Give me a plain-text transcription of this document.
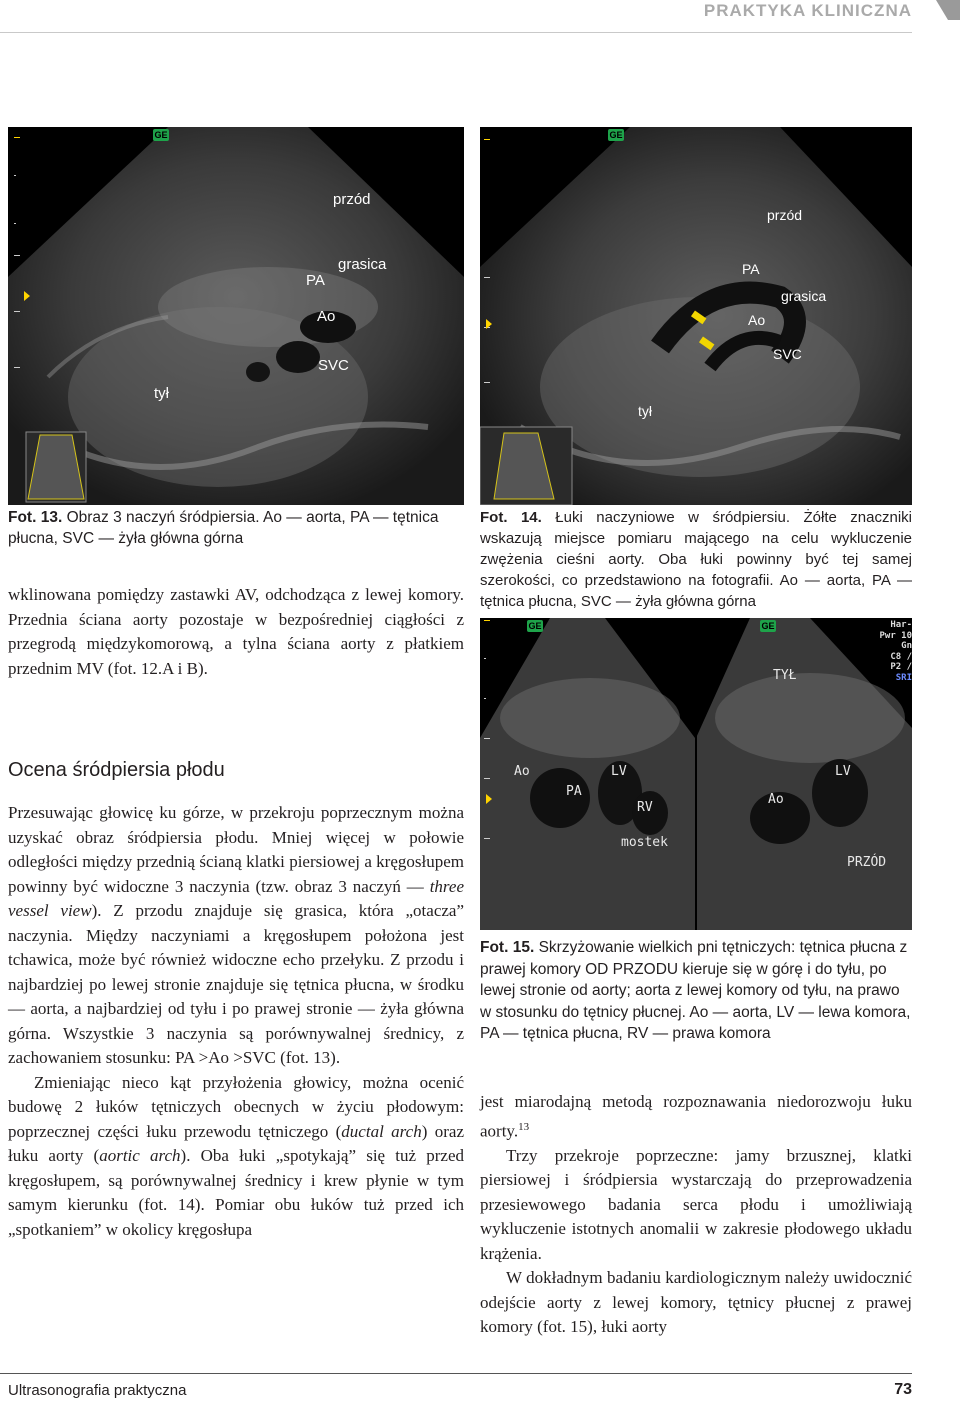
PRAKTYKA KLINICZNA
GE
przód
grasica
PA
Ao
SVC
tył
Fot. 13. Obraz 3 naczyń śródpiersia. Ao — aorta, PA — tętnica płucna, SVC — żyła główna górna
GE
przód
PA
grasica
Ao
SVC
tył
Fot. 14. Łuki naczyniowe w śródpiersiu. Żółte znaczniki wskazują miejsce pomiaru mającego na celu wykluczenie zwężenia cieśni aorty. Oba łuki powinny być tej samej szerokości, co przedstawiono na fotografii. Ao — aorta, PA — tętnica płucna, SVC — żyła główna górna
GE	GE
Ao
PA
LV
RV
mostek
TYŁ
LV
Ao
PRZÓD
Har-
Pwr 10
Gn
C8 /
P2 /
SRI
Fot. 15. Skrzyżowanie wielkich pni tętniczych: tętnica płucna z prawej komory OD PRZODU kieruje się w górę i do tyłu, po lewej stronie od aorty; aorta z lewej komory od tyłu, na prawo w stosunku do tętnicy płucnej. Ao — aorta, LV — lewa komora, PA — tętnica płucna, RV — prawa komora

wklinowana pomiędzy zastawki AV, odchodząca z lewej komory. Przednia ściana aorty pozostaje w bezpośredniej ciągłości z przegrodą międzykomorową, a tylna ściana aorty z płatkiem przednim MV (fot. 12.A i B).

Ocena śródpiersia płodu

Przesuwając głowicę ku górze, w przekroju poprzecznym można uzyskać obraz śródpiersia płodu. Mniej więcej w połowie odległości między przednią ścianą klatki piersiowej a kręgosłupem powinny być widoczne 3 naczynia (tzw. obraz 3 naczyń — three vessel view). Z przodu znajduje się grasica, która „otacza” naczynia. Między naczyniami a kręgosłupem położona jest tchawica, może być również widoczne echo przełyku. Z przodu i najbardziej po lewej stronie znajduje się tętnica płucna, w środku — aorta, a najbardziej od tyłu i po prawej stronie — żyła główna górna. Wszystkie 3 naczynia są porównywalnej średnicy, z zachowaniem stosunku: PA >Ao >SVC (fot. 13).

Zmieniając nieco kąt przyłożenia głowicy, można ocenić budowę 2 łuków tętniczych obecnych w życiu płodowym: poprzecznej części łuku przewodu tętniczego (ductal arch) oraz łuku aorty (aortic arch). Oba łuki „spotykają” się tuż przed kręgosłupem, są porównywalnej średnicy i krew płynie w tym samym kierunku (fot. 14). Pomiar obu łuków tuż przed ich „spotkaniem” w okolicy kręgosłupa

jest miarodajną metodą rozpoznawania niedorozwoju łuku aorty.$^{13}$

Trzy przekroje poprzeczne: jamy brzusznej, klatki piersiowej i śródpiersia wystarczają do przeprowadzenia przesiewowego badania serca płodu i umożliwiają wykluczenie istotnych anomalii w zakresie płodowego układu krążenia.

W dokładnym badaniu kardiologicznym należy uwidocznić odejście aorty z lewej komory, tętnicy płucnej z prawej komory (fot. 15), łuki aorty

Ultrasonografia praktyczna	73
